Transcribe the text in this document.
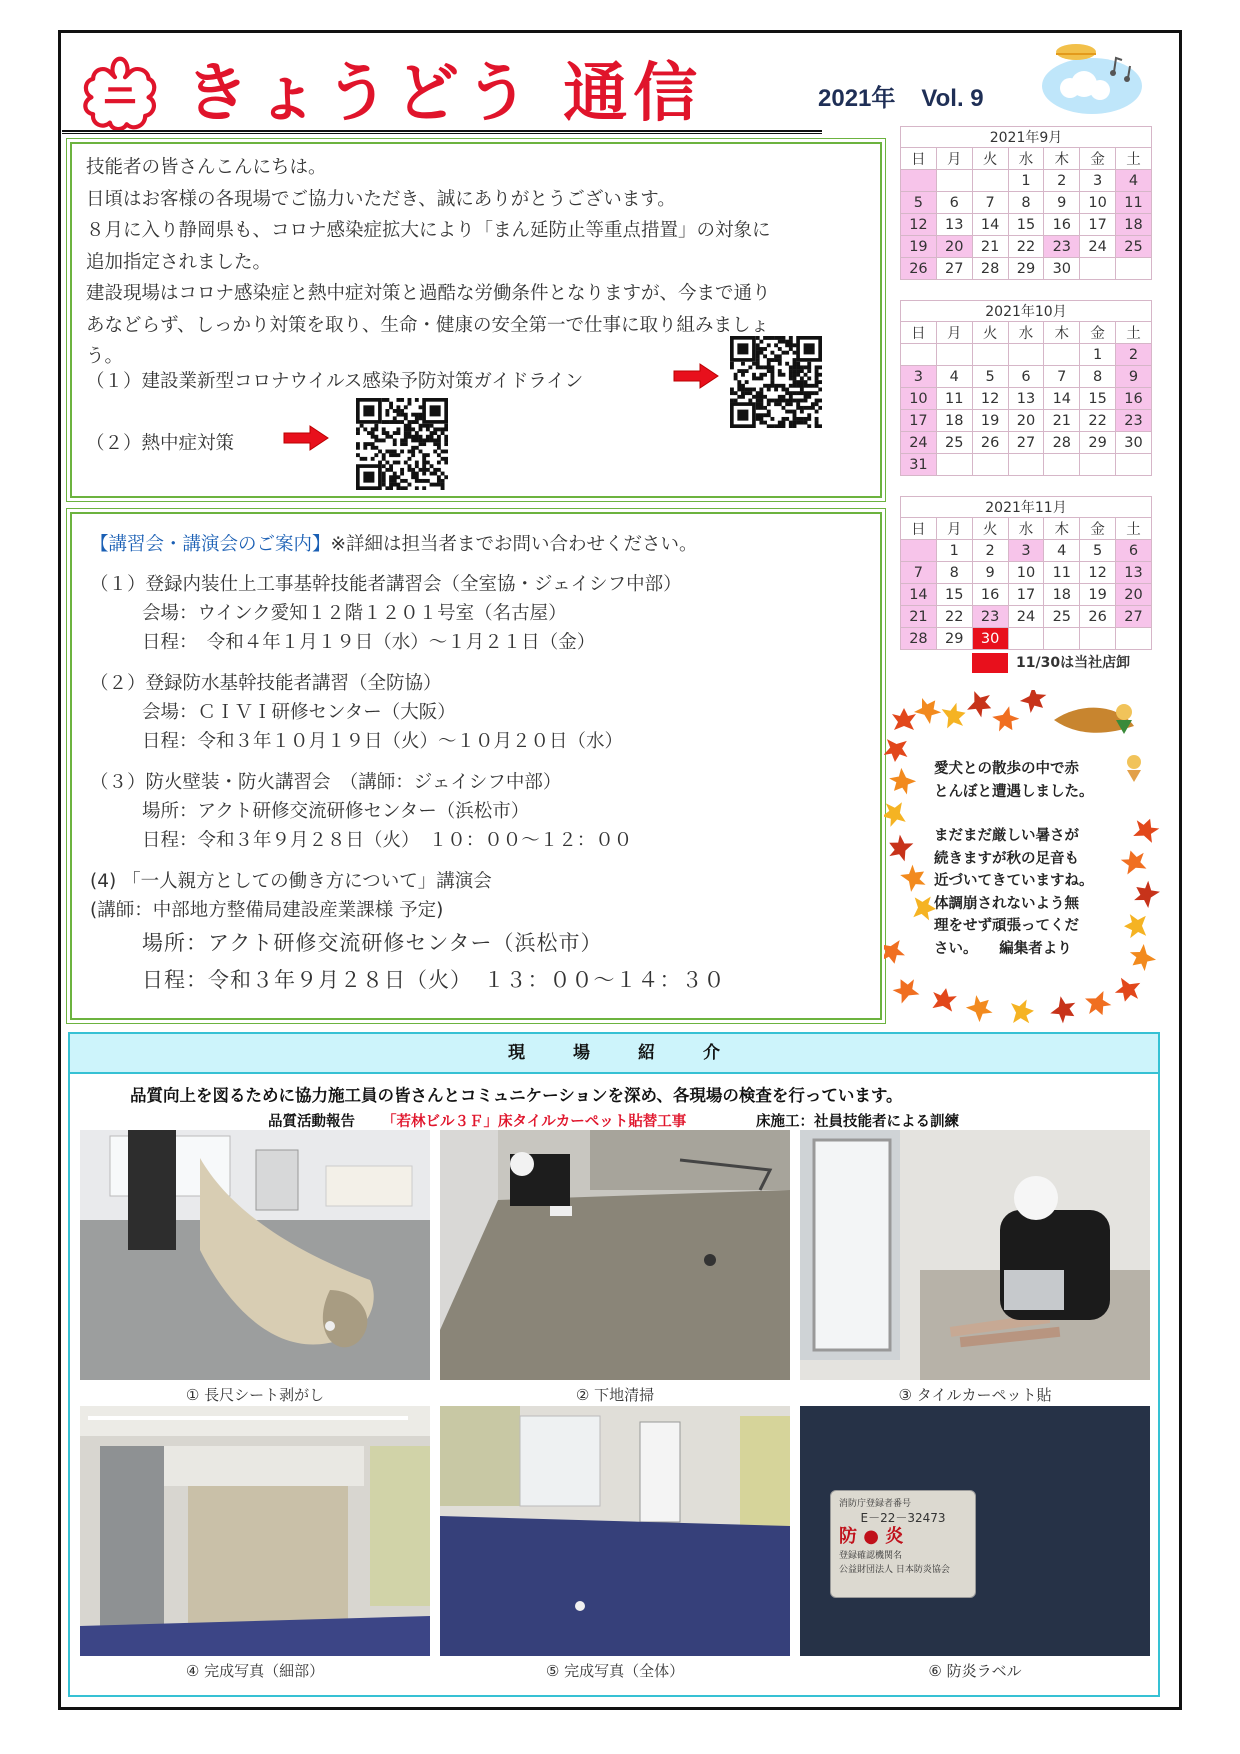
きょうどう 通信	2021年 Vol. 9

技能者の皆さんこんにちは。

日頃はお客様の各現場でご協力いただき、誠にありがとうございます。

８月に入り静岡県も、コロナ感染症拡大により「まん延防止等重点措置」の対象に

追加指定されました。

建設現場はコロナ感染症と熱中症対策と過酷な労働条件となりますが、今まで通り

あなどらず、しっかり対策を取り、生命・健康の安全第一で仕事に取り組みましょ

う。

（１）建設業新型コロナウイルス感染予防対策ガイドライン
（２）熱中症対策
【講習会・講演会のご案内】※詳細は担当者までお問い合わせください。
（１）登録内装仕上工事基幹技能者講習会（全室協・ジェイシフ中部）
会場：ウインク愛知１２階１２０１号室（名古屋）
日程：　令和４年１月１９日（水）～１月２１日（金）
（２）登録防水基幹技能者講習（全防協）
会場：ＣＩＶＩ研修センター（大阪）
日程：令和３年１０月１９日（火）～１０月２０日（水）
（３）防火壁装・防火講習会　（講師：ジェイシフ中部）
場所：アクト研修交流研修センター（浜松市）
日程：令和３年９月２８日（火）　１０：００～１２：００
(4) 「一人親方としての働き方について」講演会
(講師：中部地方整備局建設産業課様 予定)
場所：アクト研修交流研修センター（浜松市）
日程：令和３年９月２８日（火）　１３：００～１４：３０
2021年9月						
日	月	火	水	木	金	土
			1	2	3	4
5	6	7	8	9	10	11
12	13	14	15	16	17	18
19	20	21	22	23	24	25
26	27	28	29	30		
2021年10月						
日	月	火	水	木	金	土
					1	2
3	4	5	6	7	8	9
10	11	12	13	14	15	16
17	18	19	20	21	22	23
24	25	26	27	28	29	30
31						
2021年11月						
日	月	火	水	木	金	土
	1	2	3	4	5	6
7	8	9	10	11	12	13
14	15	16	17	18	19	20
21	22	23	24	25	26	27
28	29	30				
11/30は当社店卸
愛犬との散歩の中で赤
とんぼと遭遇しました。
まだまだ厳しい暑さが
続きますが秋の足音も
近づいてきていますね。
体調崩されないよう無
理をせず頑張ってくだ
さい。　　編集者より
現場紹介
品質向上を図るために協力施工員の皆さんとコミュニケーションを深め、各現場の検査を行っています。
品質活動報告 「若林ビル３Ｆ」床タイルカーペット貼替工事	床施工：社員技能者による訓練
① 長尺シート剥がし	② 下地清掃	③ タイルカーペット貼
④ 完成写真（細部）	⑤ 完成写真（全体）
消防庁登録者番号
E－22－32473
防 ● 炎
登録確認機関名
公益財団法人 日本防炎協会
⑥ 防炎ラベル
